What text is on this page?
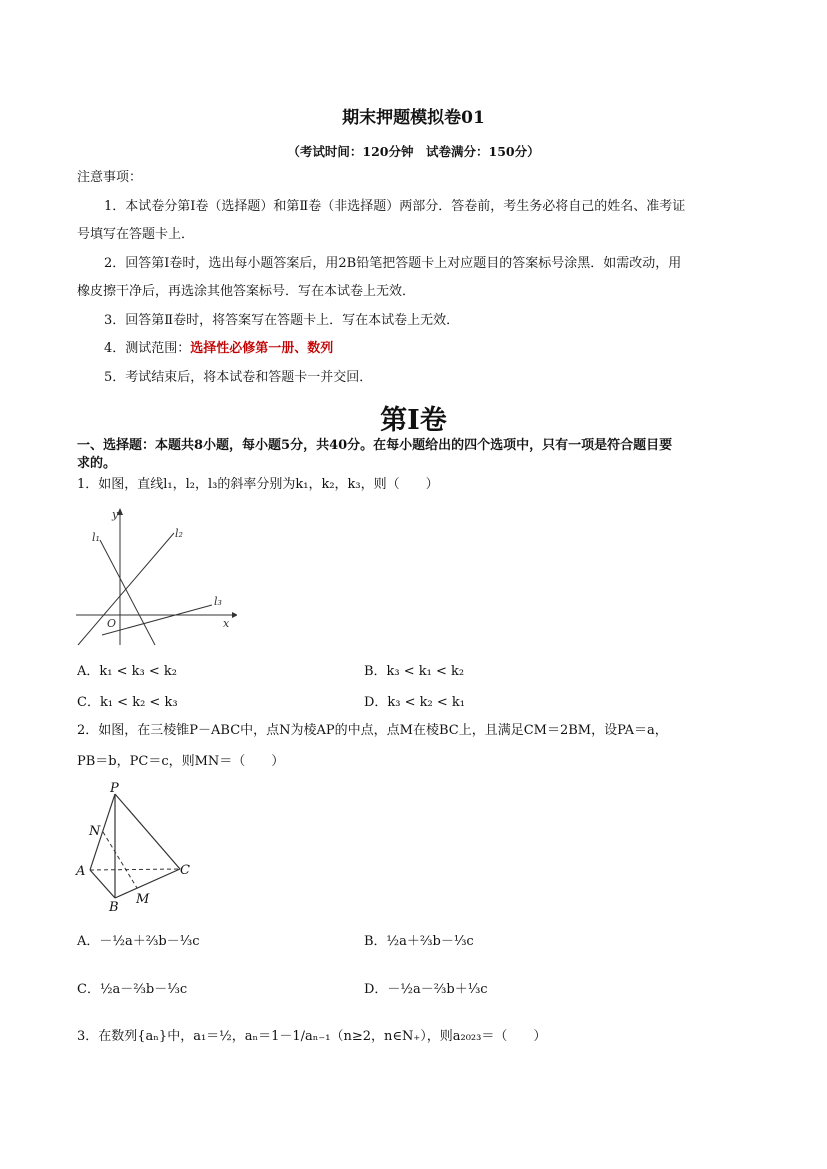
期末押题模拟卷01
（考试时间：120分钟　试卷满分：150分）
注意事项：
1．本试卷分第Ⅰ卷（选择题）和第Ⅱ卷（非选择题）两部分．答卷前，考生务必将自己的姓名、准考证
号填写在答题卡上．
2．回答第Ⅰ卷时，选出每小题答案后，用2B铅笔把答题卡上对应题目的答案标号涂黑．如需改动，用
橡皮擦干净后，再选涂其他答案标号．写在本试卷上无效．
3．回答第Ⅱ卷时，将答案写在答题卡上．写在本试卷上无效．
4．测试范围：选择性必修第一册、数列
5．考试结束后，将本试卷和答题卡一并交回．
第Ⅰ卷
一、选择题：本题共8小题，每小题5分，共40分。在每小题给出的四个选项中，只有一项是符合题目要
求的。
1．如图，直线l₁，l₂，l₃的斜率分别为k₁，k₂，k₃，则（　　）
l₁	l₂
l₃
x
y
O
A．k₁ < k₃ < k₂	B．k₃ < k₁ < k₂
C．k₁ < k₂ < k₃	D．k₃ < k₂ < k₁
2．如图，在三棱锥P－ABC中，点N为棱AP的中点，点M在棱BC上，且满足CM＝2BM，设PA＝a，
PB＝b，PC＝c，则MN＝（　　）
P
N
A
B
C
M
A．－½a＋⅔b－⅓c	B．½a＋⅔b－⅓c
C．½a－⅔b－⅓c	D．－½a－⅔b＋⅓c
3．在数列{aₙ}中，a₁＝½，aₙ＝1－1/aₙ₋₁（n≥2，n∈N₊），则a₂₀₂₃＝（　　）
